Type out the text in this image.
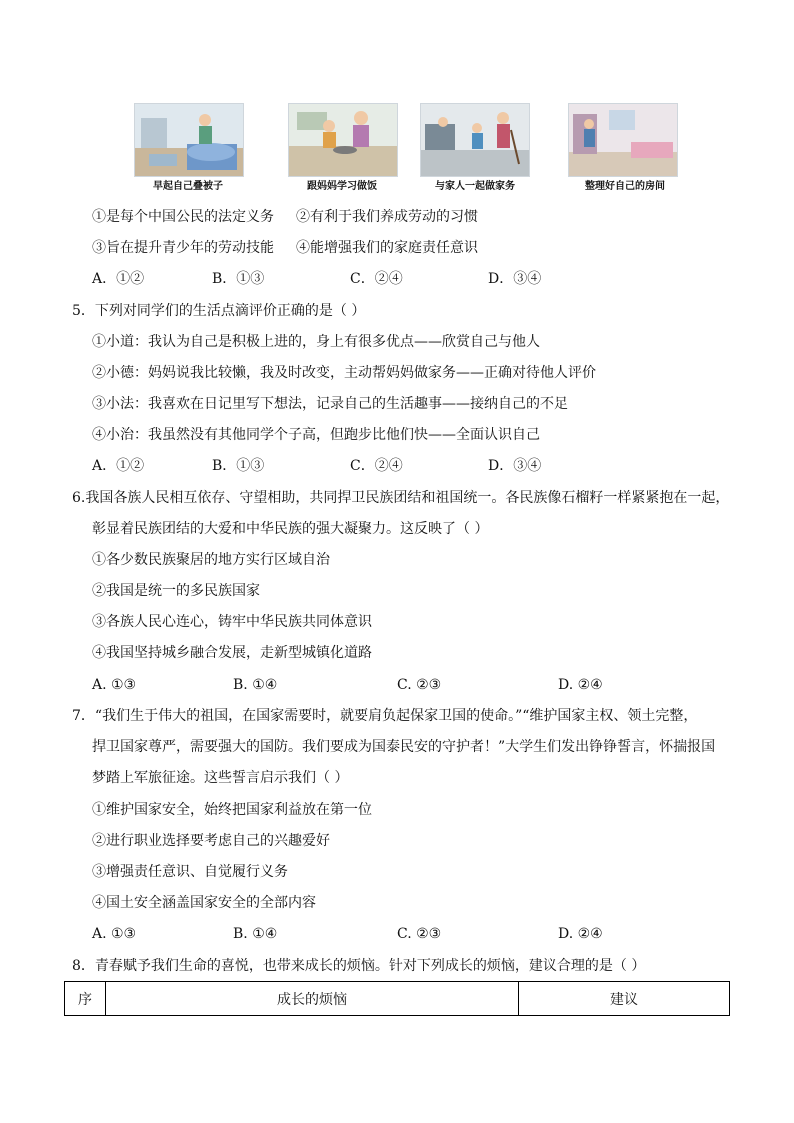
早起自己叠被子	跟妈妈学习做饭	与家人一起做家务	整理好自己的房间
①是每个中国公民的法定义务 ②有利于我们养成劳动的习惯
③旨在提升青少年的劳动技能 ④能增强我们的家庭责任意识
A．①②	B．①③	C．②④	D．③④
5．下列对同学们的生活点滴评价正确的是（ ）
①小道：我认为自己是积极上进的，身上有很多优点——欣赏自己与他人
②小德：妈妈说我比较懒，我及时改变，主动帮妈妈做家务——正确对待他人评价
③小法：我喜欢在日记里写下想法，记录自己的生活趣事——接纳自己的不足
④小治：我虽然没有其他同学个子高，但跑步比他们快——全面认识自己
A．①②	B．①③	C．②④	D．③④
6.我国各族人民相互依存、守望相助，共同捍卫民族团结和祖国统一。各民族像石榴籽一样紧紧抱在一起，
彰显着民族团结的大爱和中华民族的强大凝聚力。这反映了（ ）
①各少数民族聚居的地方实行区域自治
②我国是统一的多民族国家
③各族人民心连心，铸牢中华民族共同体意识
④我国坚持城乡融合发展，走新型城镇化道路
A. ①③	B. ①④	C. ②③	D. ②④
7．“我们生于伟大的祖国，在国家需要时，就要肩负起保家卫国的使命。”“维护国家主权、领土完整，
捍卫国家尊严，需要强大的国防。我们要成为国泰民安的守护者！”大学生们发出铮铮誓言，怀揣报国
梦踏上军旅征途。这些誓言启示我们（ ）
①维护国家安全，始终把国家利益放在第一位
②进行职业选择要考虑自己的兴趣爱好
③增强责任意识、自觉履行义务
④国土安全涵盖国家安全的全部内容
A. ①③	B. ①④	C. ②③	D. ②④
8．青春赋予我们生命的喜悦，也带来成长的烦恼。针对下列成长的烦恼，建议合理的是（ ）
序	成长的烦恼	建议
